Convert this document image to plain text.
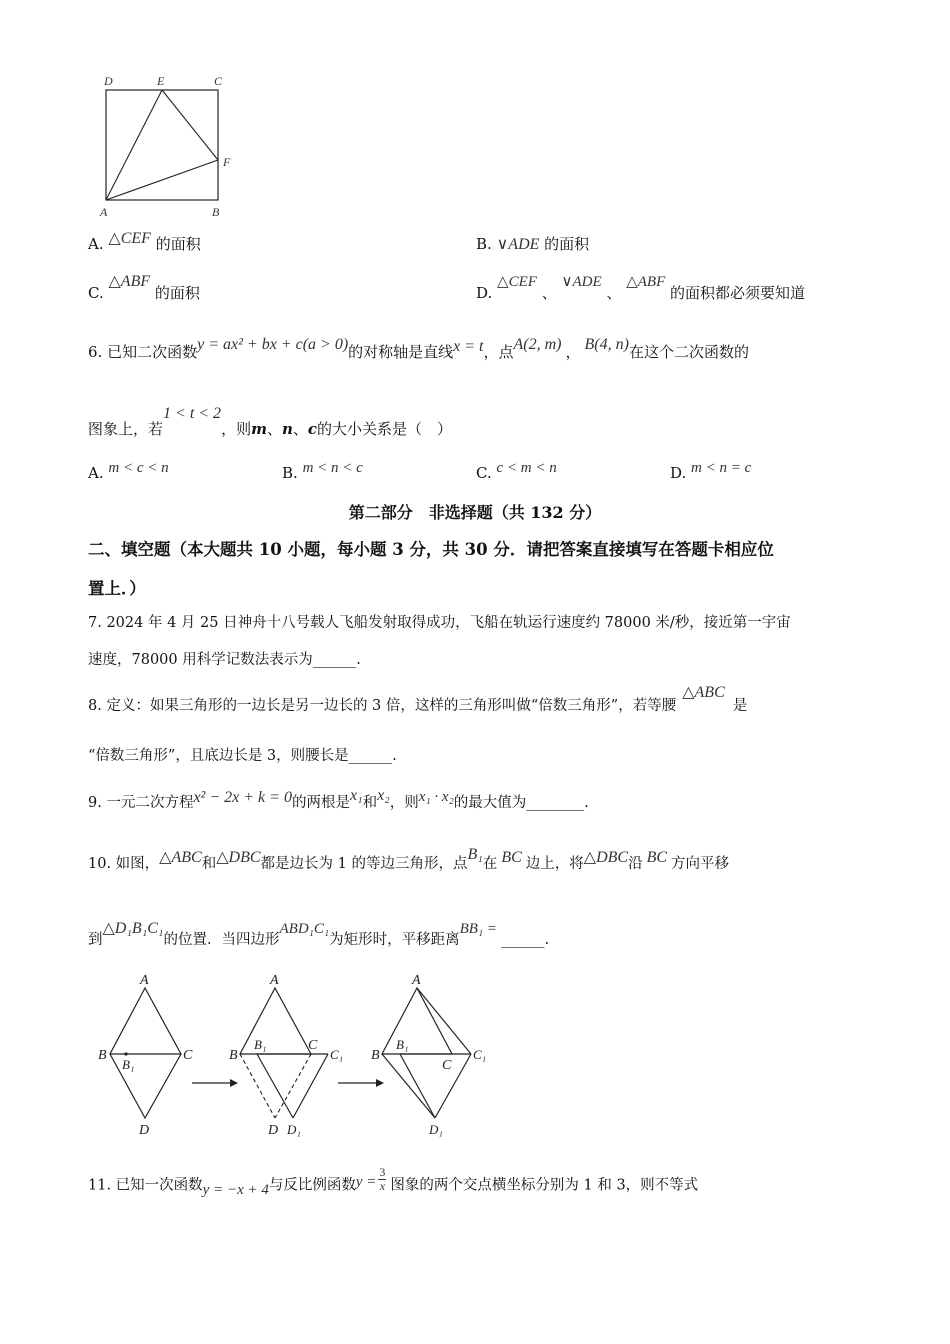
D	E	C
F
A	B
A. △CEF 的面积	B. ∨ADE 的面积
C. △ABF 的面积	D. △CEF 、 ∨ADE 、 △ABF 的面积都必须要知道
6. 已知二次函数y = ax² + bx + c(a > 0)的对称轴是直线x = t，点A(2, m) ， B(4, n)在这个二次函数的
图象上，若1 < t < 2，则m、n、c的大小关系是（　）
A. m < c < n	B. m < n < c	C. c < m < n	D. m < n = c
第二部分　非选择题（共 132 分）
二、填空题（本大题共 10 小题，每小题 3 分，共 30 分．请把答案直接填写在答题卡相应位
置上．）
7. 2024 年 4 月 25 日神舟十八号载人飞船发射取得成功，飞船在轨运行速度约 78000 米/秒，接近第一宇宙
速度，78000 用科学记数法表示为______.
8. 定义：如果三角形的一边长是另一边长的 3 倍，这样的三角形叫做“倍数三角形”，若等腰△ABC是
“倍数三角形”，且底边长是 3，则腰长是______.
9. 一元二次方程x² − 2x + k = 0的两根是x₁和x₂，则x₁ · x₂的最大值为________.
10. 如图，△ABC和△DBC都是边长为 1 的等边三角形，点B₁在 BC 边上，将△DBC沿 BC 方向平移
到△D₁B₁C₁的位置．当四边形ABD₁C₁为矩形时，平移距离BB₁ =______.
A
B
B₁
C
D
A
B
B₁	C
C₁
D D₁
A
B
B₁
C
C₁
D₁
11. 已知一次函数y = −x + 4与反比例函数$y = \frac{3}{x}$ 图象的两个交点横坐标分别为 1 和 3，则不等式
